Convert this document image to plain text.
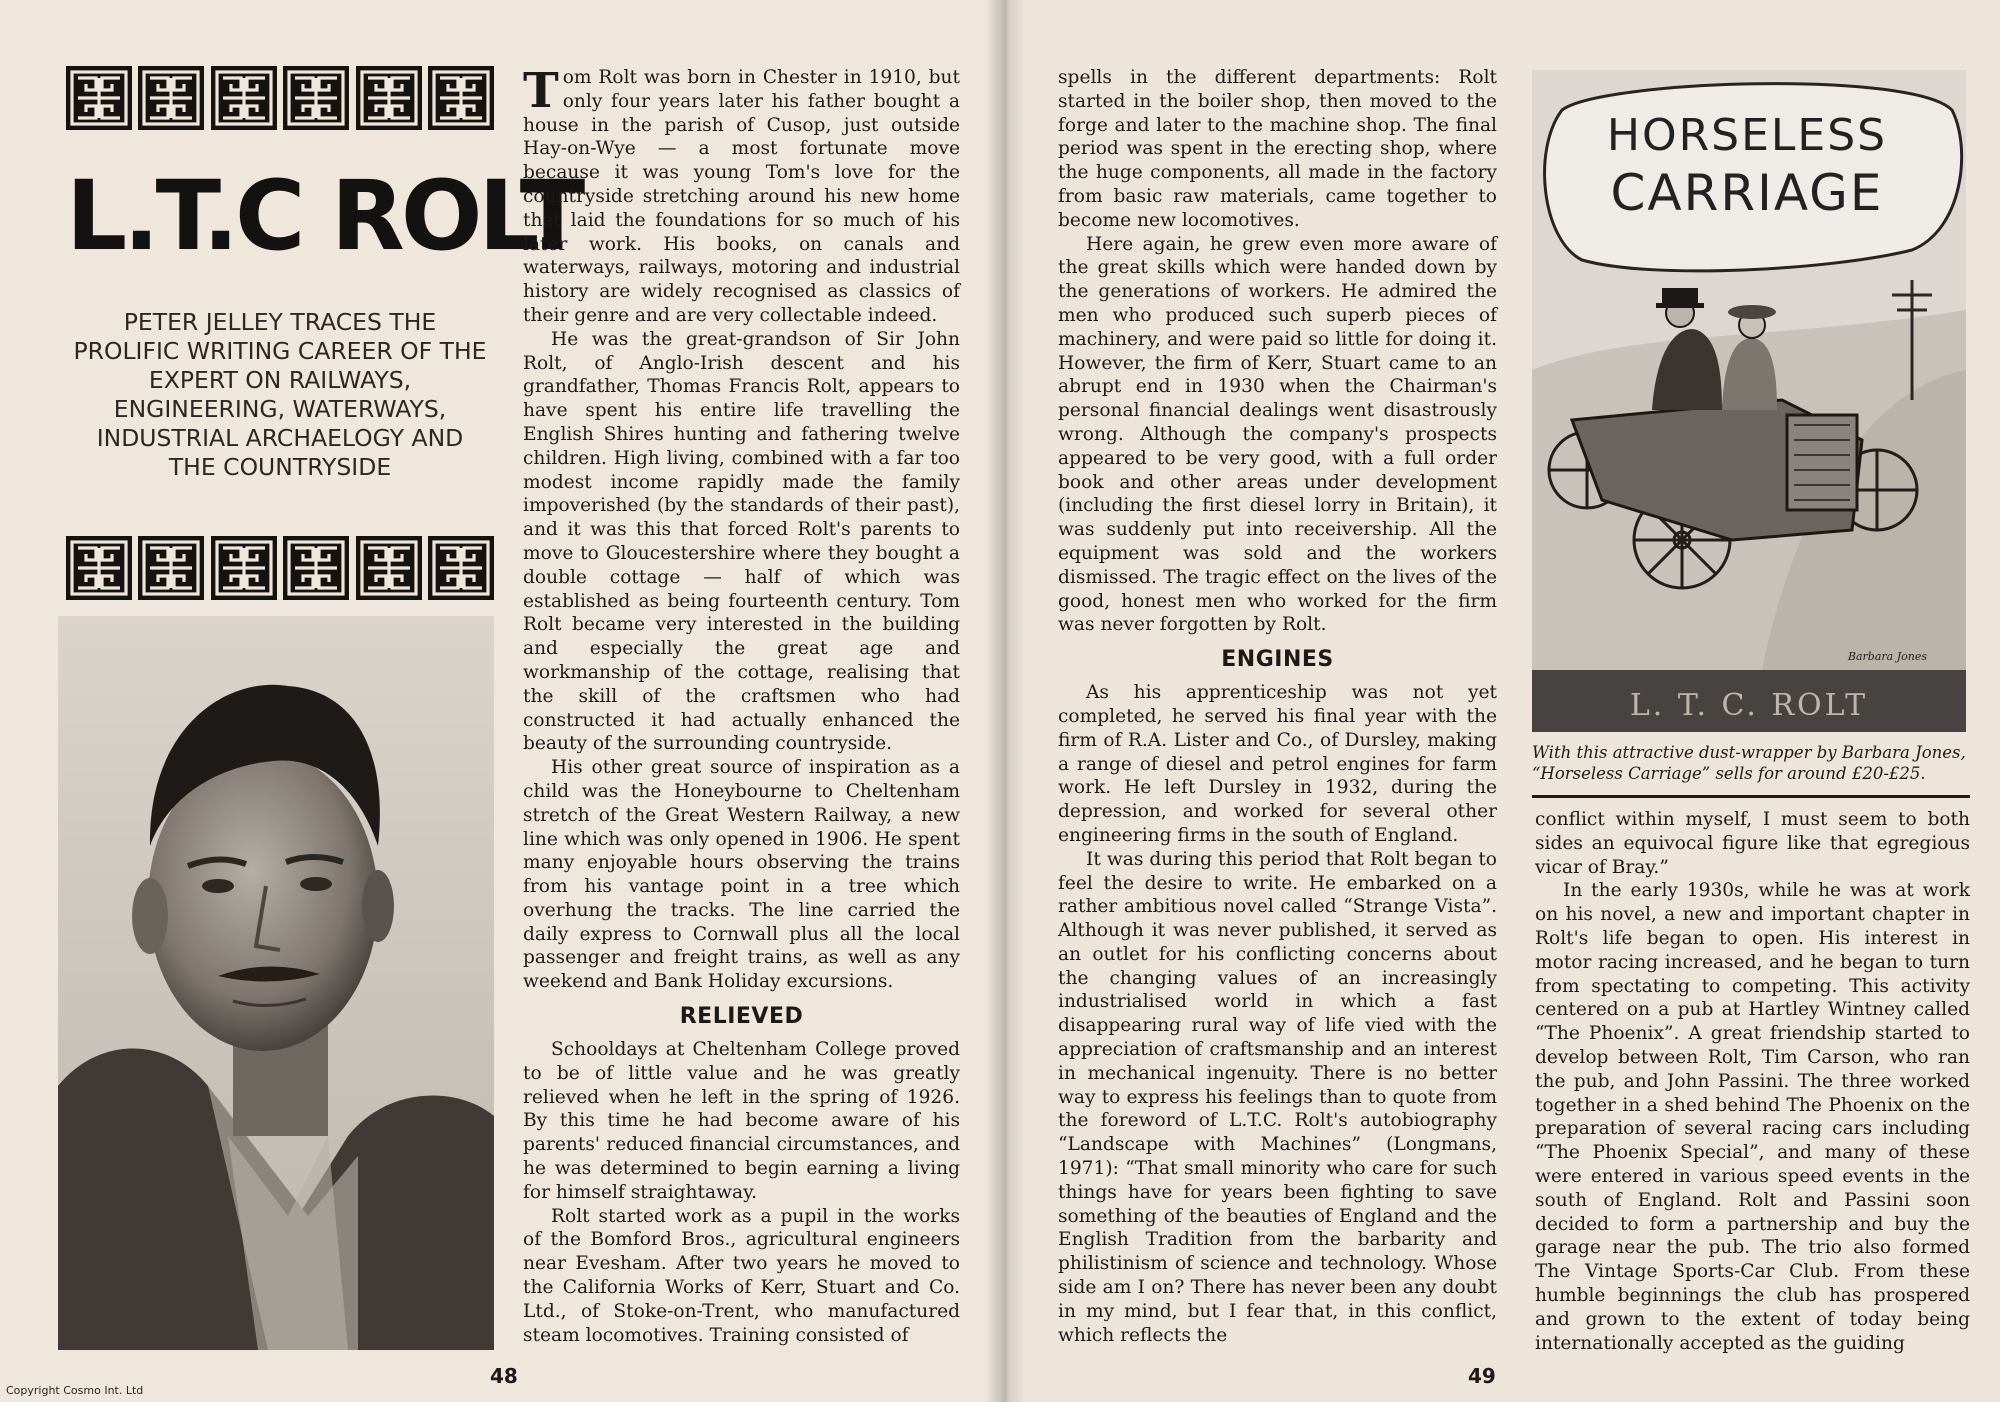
L.T.C ROLT

PETER JELLEY TRACES THE PROLIFIC WRITING CAREER OF THE EXPERT ON RAILWAYS, ENGINEERING, WATERWAYS, INDUSTRIAL ARCHAELOGY AND THE COUNTRYSIDE

Tom Rolt was born in Chester in 1910, but only four years later his father bought a house in the parish of Cusop, just outside Hay-on-Wye — a most fortunate move because it was young Tom's love for the countryside stretching around his new home that laid the foundations for so much of his later work. His books, on canals and waterways, railways, motoring and industrial history are widely recognised as classics of their genre and are very collectable indeed.

He was the great-grandson of Sir John Rolt, of Anglo-Irish descent and his grandfather, Thomas Francis Rolt, appears to have spent his entire life travelling the English Shires hunting and fathering twelve children. High living, combined with a far too modest income rapidly made the family impoverished (by the standards of their past), and it was this that forced Rolt's parents to move to Gloucestershire where they bought a double cottage — half of which was established as being fourteenth century. Tom Rolt became very interested in the building and especially the great age and workmanship of the cottage, realising that the skill of the craftsmen who had constructed it had actually enhanced the beauty of the surrounding countryside.

His other great source of inspiration as a child was the Honeybourne to Cheltenham stretch of the Great Western Railway, a new line which was only opened in 1906. He spent many enjoyable hours observing the trains from his vantage point in a tree which overhung the tracks. The line carried the daily express to Cornwall plus all the local passenger and freight trains, as well as any weekend and Bank Holiday excursions.

RELIEVED

Schooldays at Cheltenham College proved to be of little value and he was greatly relieved when he left in the spring of 1926. By this time he had become aware of his parents' reduced financial circumstances, and he was determined to begin earning a living for himself straightaway.

Rolt started work as a pupil in the works of the Bomford Bros., agricultural engineers near Evesham. After two years he moved to the California Works of Kerr, Stuart and Co. Ltd., of Stoke-on-Trent, who manufactured steam locomotives. Training consisted of

spells in the different departments: Rolt started in the boiler shop, then moved to the forge and later to the machine shop. The final period was spent in the erecting shop, where the huge components, all made in the factory from basic raw materials, came together to become new locomotives.

Here again, he grew even more aware of the great skills which were handed down by the generations of workers. He admired the men who produced such superb pieces of machinery, and were paid so little for doing it. However, the firm of Kerr, Stuart came to an abrupt end in 1930 when the Chairman's personal financial dealings went disastrously wrong. Although the company's prospects appeared to be very good, with a full order book and other areas under development (including the first diesel lorry in Britain), it was suddenly put into receivership. All the equipment was sold and the workers dismissed. The tragic effect on the lives of the good, honest men who worked for the firm was never forgotten by Rolt.

ENGINES

As his apprenticeship was not yet completed, he served his final year with the firm of R.A. Lister and Co., of Dursley, making a range of diesel and petrol engines for farm work. He left Dursley in 1932, during the depression, and worked for several other engineering firms in the south of England.

It was during this period that Rolt began to feel the desire to write. He embarked on a rather ambitious novel called “Strange Vista”. Although it was never published, it served as an outlet for his conflicting concerns about the changing values of an increasingly industrialised world in which a fast disappearing rural way of life vied with the appreciation of craftsmanship and an interest in mechanical ingenuity. There is no better way to express his feelings than to quote from the foreword of L.T.C. Rolt's autobiography “Landscape with Machines” (Longmans, 1971): “That small minority who care for such things have for years been fighting to save something of the beauties of England and the English Tradition from the barbarity and philistinism of science and technology. Whose side am I on? There has never been any doubt in my mind, but I fear that, in this conflict, which reflects the

HORSELESS
CARRIAGE
Barbara Jones
L. T. C. ROLT

With this attractive dust-wrapper by Barbara Jones, “Horseless Carriage” sells for around £20-£25.

conflict within myself, I must seem to both sides an equivocal figure like that egregious vicar of Bray.”

In the early 1930s, while he was at work on his novel, a new and important chapter in Rolt's life began to open. His interest in motor racing increased, and he began to turn from spectating to competing. This activity centered on a pub at Hartley Wintney called “The Phoenix”. A great friendship started to develop between Rolt, Tim Carson, who ran the pub, and John Passini. The three worked together in a shed behind The Phoenix on the preparation of several racing cars including “The Phoenix Special”, and many of these were entered in various speed events in the south of England. Rolt and Passini soon decided to form a partnership and buy the garage near the pub. The trio also formed The Vintage Sports-Car Club. From these humble beginnings the club has prospered and grown to the extent of today being internationally accepted as the guiding

48	49
Copyright Cosmo Int. Ltd
